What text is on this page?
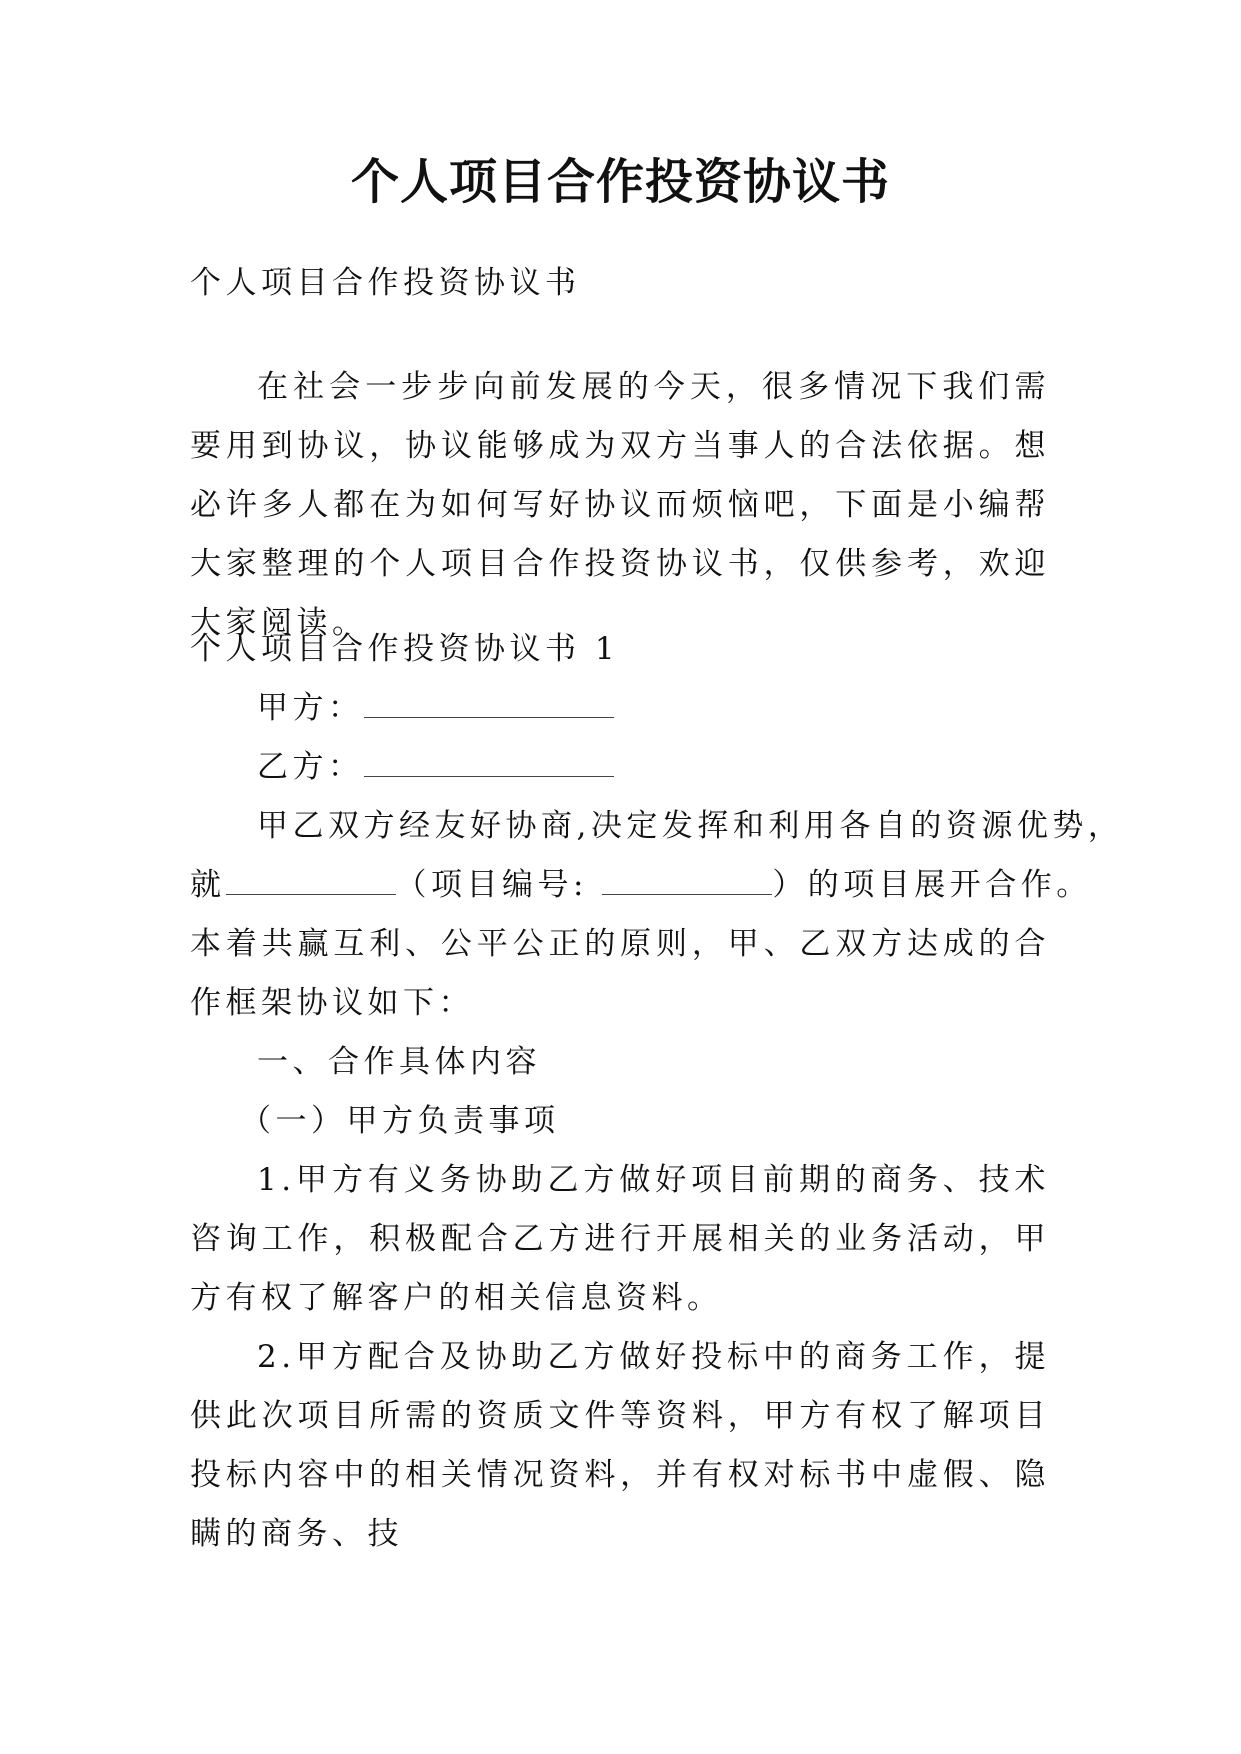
个人项目合作投资协议书
个人项目合作投资协议书
在社会一步步向前发展的今天，很多情况下我们需要用到协议，协议能够成为双方当事人的合法依据。想必许多人都在为如何写好协议而烦恼吧，下面是小编帮大家整理的个人项目合作投资协议书，仅供参考，欢迎大家阅读。
个人项目合作投资协议书 1
甲方：
乙方：
甲乙双方经友好协商,决定发挥和利用各自的资源优势，
就	（项目编号:	）的项目展开合作。
本着共赢互利、公平公正的原则，甲、乙双方达成的合作框架协议如下：
一、合作具体内容
（一）甲方负责事项
1.甲方有义务协助乙方做好项目前期的商务、技术咨询工作，积极配合乙方进行开展相关的业务活动，甲方有权了解客户的相关信息资料。
2.甲方配合及协助乙方做好投标中的商务工作，提供此次项目所需的资质文件等资料，甲方有权了解项目投标内容中的相关情况资料，并有权对标书中虚假、隐瞒的商务、技
